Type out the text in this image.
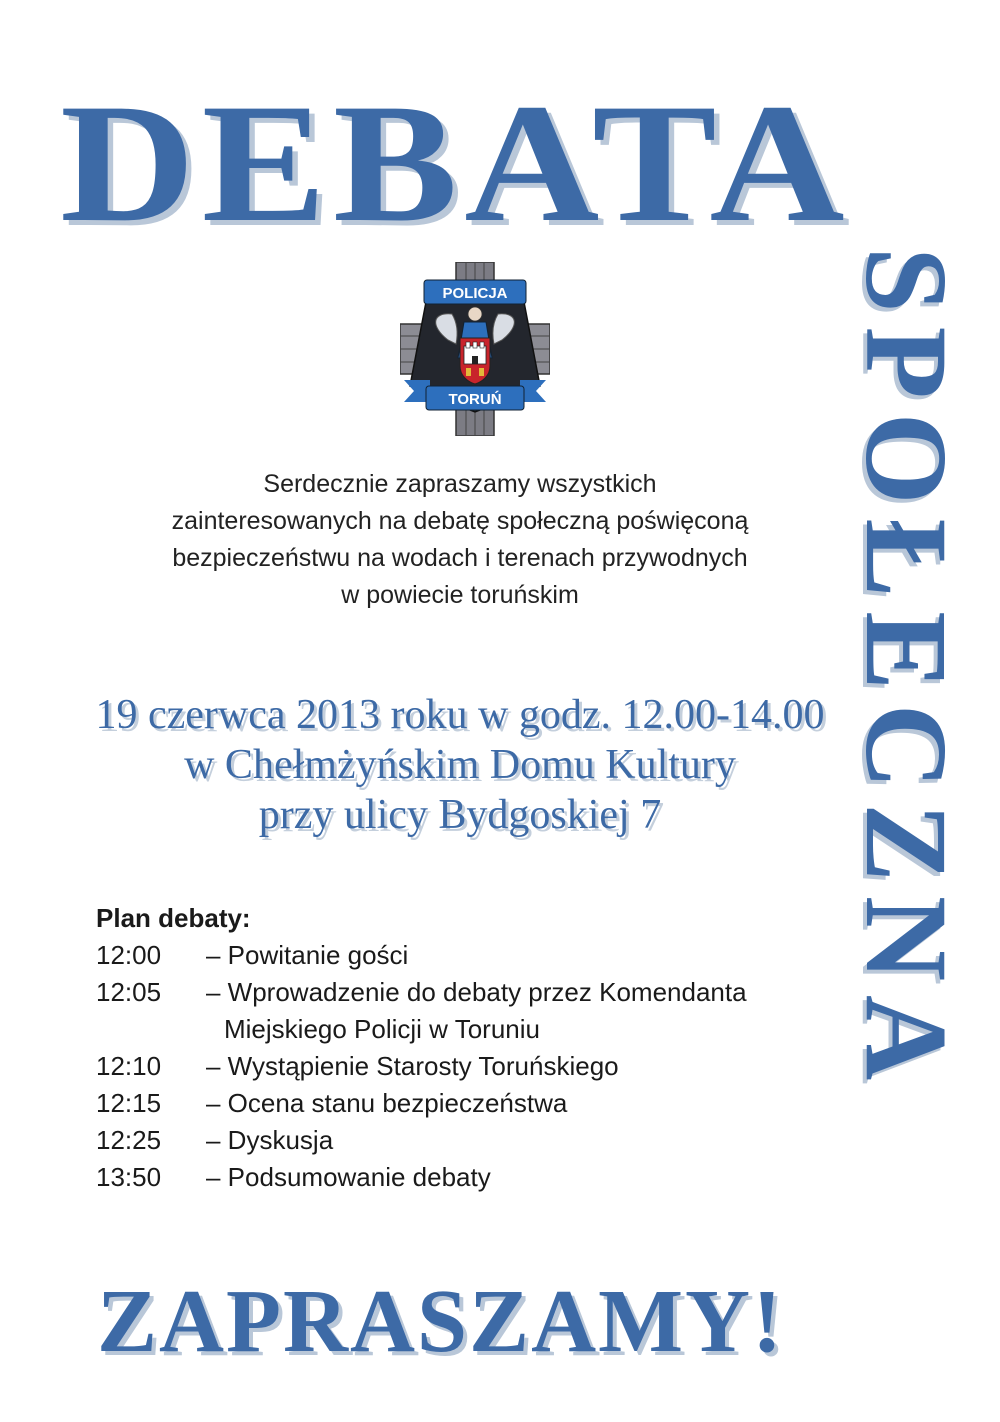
DEBATA
SPOŁECZNA
POLICJA
TORUŃ
Serdecznie zapraszamy wszystkich
zainteresowanych na debatę społeczną poświęconą
bezpieczeństwu na wodach i terenach przywodnych
w powiecie toruńskim
19 czerwca 2013 roku w godz. 12.00-14.00
w Chełmżyńskim Domu Kultury
przy ulicy Bydgoskiej 7
Plan debaty:
12:00	– Powitanie gości
12:05	– Wprowadzenie do debaty przez Komendanta
Miejskiego Policji w Toruniu
12:10	– Wystąpienie Starosty Toruńskiego
12:15	– Ocena stanu bezpieczeństwa
12:25	– Dyskusja
13:50	– Podsumowanie debaty
ZAPRASZAMY!
